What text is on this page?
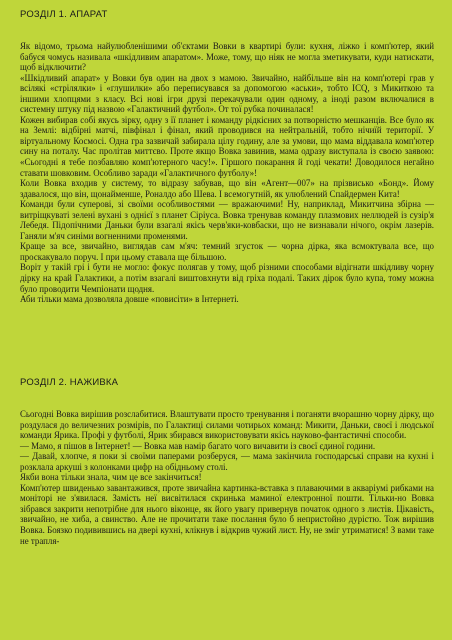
РОЗДІЛ 1. АПАРАТ

Як відомо, трьома найулюбленішими об'єктами Вовки в квартирі були: кухня, ліжко і комп'ютер, який бабуся чомусь називала «шкідливим апаратом». Може, тому, що ніяк не могла зметикувати, куди натискати, щоб відключити?

«Шкідливий апарат» у Вовки був один на двох з мамою. Звичайно, найбільше він на комп'ютері грав у всілякі «стрілялки» і «глушилки» або переписувався за допомогою «аськи», тобто ICQ, з Микиткою та іншими хлопцями з класу. Всі нові ігри друзі перекачували один одному, а іноді разом включалися в системну штуку під назвою «Галактичний футбол». От тої рубка починалася!

Кожен вибирав собі якусь зірку, одну з її планет і команду рідкісних за потворністю мешканців. Все було як на Землі: відбірні матчі, півфінал і фінал, який проводився на нейтральній, тобто нічиїй території. У віртуальному Космосі. Одна гра зазвичай забирала цілу годину, але за умови, що мама віддавала комп'ютер сину на поталу. Час пролітав миттєво. Проте якщо Вовка завинив, мама одразу виступала із своєю заявою: «Сьогодні я тебе позбавляю комп'ютерного часу!». Гіршого покарання й годі чекати! Доводилося негайно ставати шовковим. Особливо заради «Галактичного футболу»!

Коли Вовка входив у систему, то відразу забував, що він «Агент—007» на прізвисько «Бонд». Йому здавалося, що він, щонайменше, Роналдо або Шева. І всемогутній, як улюблений Спайдермен Кита!

Команди були суперові, зі своїми особливостями — вражаючими! Ну, наприклад, Микитчина збірна — витріщкуваті зелені вухані з однієї з планет Сіріуса. Вовка тренував команду плазмових неллюдей із сузір'я Лебедя. Підопічними Даньки були взагалі якісь черв'яки-ковбаски, що не визнавали нічого, окрім лазерів. Ганяли м'яч синіми вогненними променями.

Краще за все, звичайно, виглядав сам м'яч: темний згусток — чорна дірка, яка всмоктувала все, що проскакувало поруч. І при цьому ставала ще більшою.

Воріт у такій грі і бути не могло: фокус полягав у тому, щоб різними способами відігнати шкідливу чорну дірку на край Галактики, а потім взагалі виштовхнути від гріха подалі. Таких дірок було купа, тому можна було проводити Чемпіонати щодня.

Аби тільки мама дозволяла довше «повисіти» в Інтернеті.

РОЗДІЛ 2. НАЖИВКА

Сьогодні Вовка вирішив розслабитися. Влаштувати просто тренування і поганяти вчорашню чорну дірку, що роздулася до величезних розмірів, по Галактиці силами чотирьох команд: Микити, Даньки, своєї і людської команди Ярика. Профі у футболі, Ярик збирався використовувати якісь науково-фантастичні способи.

— Мамо, я пішов в Інтернет! — Вовка мав намір багато чого вичавити із своєї єдиної години.

— Давай, хлопче, я поки зі своїми паперами розберуся, — мама закінчила господарські справи на кухні і розклала аркуші з колонками цифр на обідньому столі.

Якби вона тільки знала, чим це все закінчиться!

Комп'ютер швиденько завантажився, проте звичайна картинка-вставка з плаваючими в акваріумі рибками на моніторі не з'явилася. Замість неї висвітилася скринька маминої електронної пошти. Тільки-но Вовка зібрався закрити непотрібне для нього віконце, як його увагу привернув початок одного з листів. Цікавість, звичайно, не хиба, а свинство. Але не прочитати таке послання було б непристойно дурістю. Тож вирішив Вовка. Боязко подивившись на двері кухні, клікнув і відкрив чужий лист. Ну, не зміг утриматися! З вами таке не трапля-
